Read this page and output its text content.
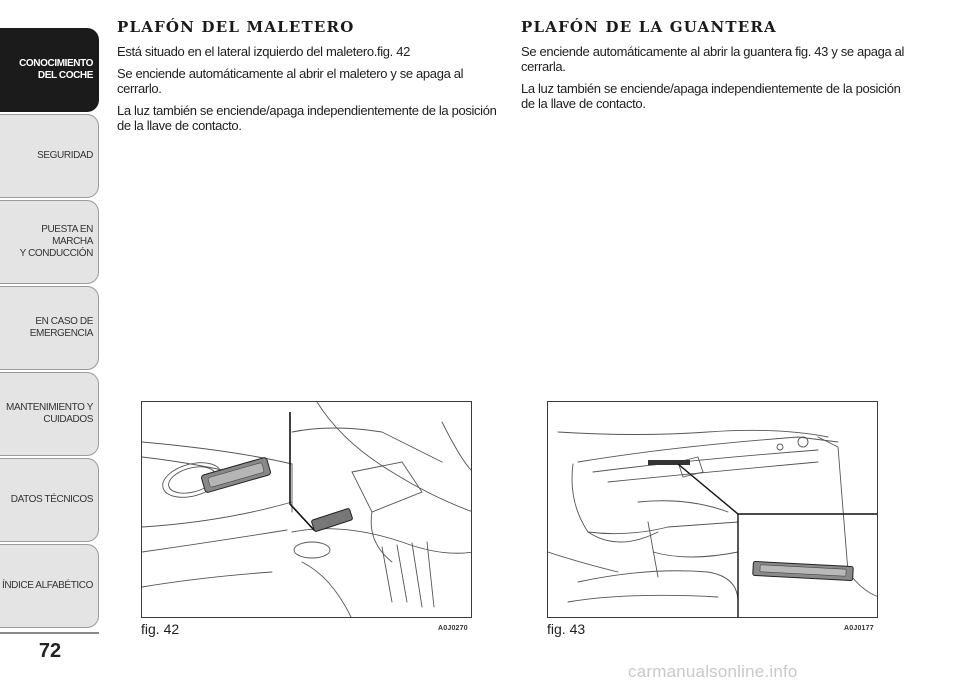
CONOCIMIENTO
DEL COCHE
SEGURIDAD
PUESTA EN MARCHA
Y CONDUCCIÓN
EN CASO DE
EMERGENCIA
MANTENIMIENTO Y
CUIDADOS
DATOS TÉCNICOS
ÍNDICE ALFABÉTICO
72
PLAFÓN DEL MALETERO

Está situado en el lateral izquierdo del maletero.fig. 42

Se enciende automáticamente al abrir el maletero y se apaga al cerrarlo.

La luz también se enciende/apaga independientemente de la posición de la llave de contacto.

PLAFÓN DE LA GUANTERA

Se enciende automáticamente al abrir la guantera fig. 43 y se apaga al cerrarla.

La luz también se enciende/apaga independientemente de la posición de la llave de contacto.

fig. 42	A0J0270	fig. 43	A0J0177
carmanualsonline.info
